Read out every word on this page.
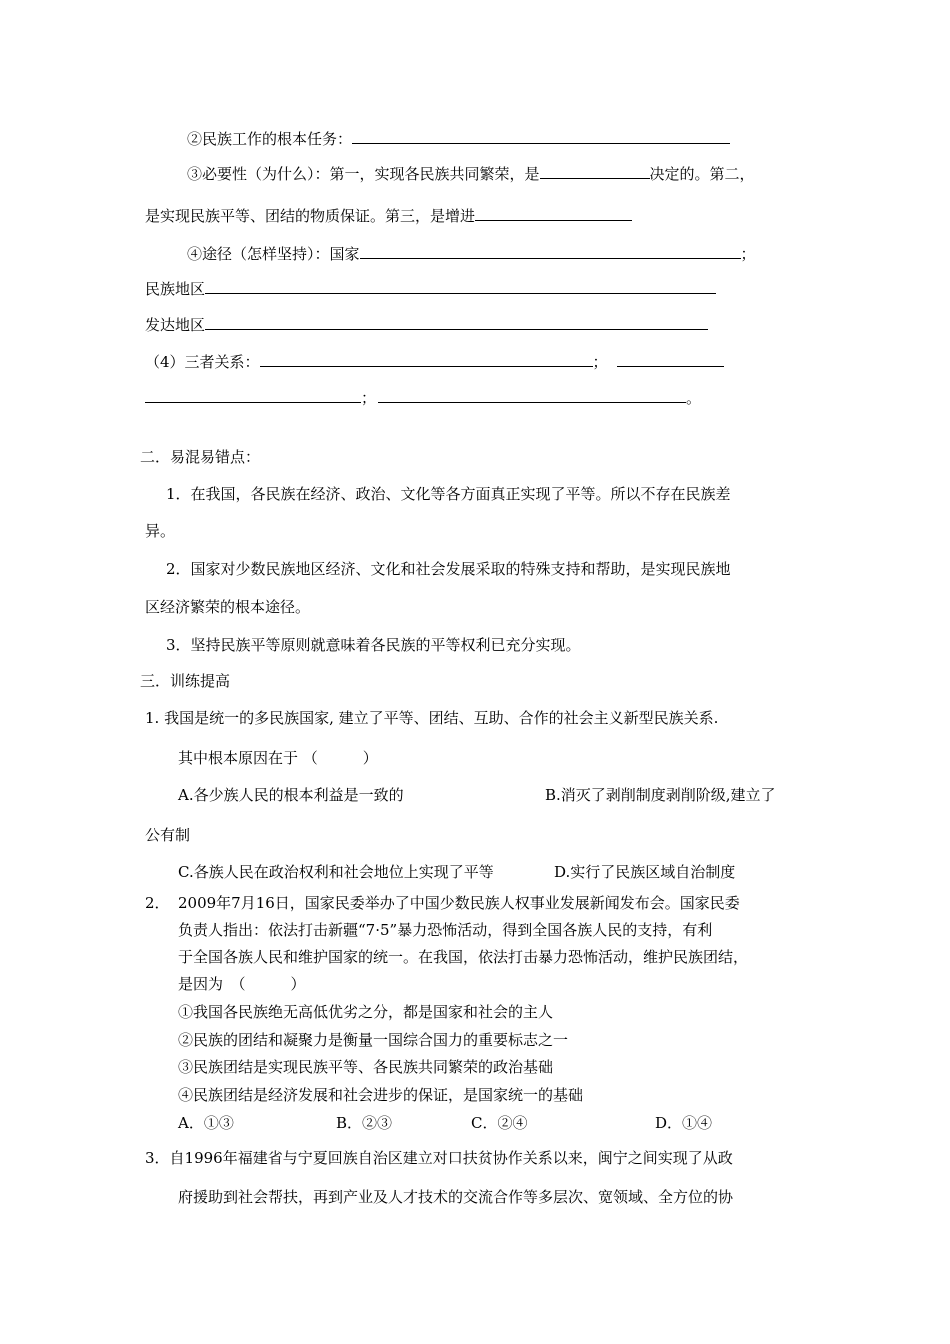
②民族工作的根本任务：
③必要性（为什么）：第一，实现各民族共同繁荣，是	决定的。第二，
是实现民族平等、团结的物质保证。第三，是增进
④途径（怎样坚持）：国家	；
民族地区
发达地区
（4）三者关系：	；
；	。
二．易混易错点：
1．在我国，各民族在经济、政治、文化等各方面真正实现了平等。所以不存在民族差
异。
2．国家对少数民族地区经济、文化和社会发展采取的特殊支持和帮助，是实现民族地
区经济繁荣的根本途径。
3．坚持民族平等原则就意味着各民族的平等权利已充分实现。
三．训练提高
1. 我国是统一的多民族国家, 建立了平等、团结、互助、合作的社会主义新型民族关系.
其中根本原因在于 （　　　）
A.各少族人民的根本利益是一致的	B.消灭了剥削制度剥削阶级,建立了
公有制
C.各族人民在政治权利和社会地位上实现了平等	D.实行了民族区域自治制度
2． 2009年7月16日，国家民委举办了中国少数民族人权事业发展新闻发布会。国家民委
负责人指出：依法打击新疆“7·5”暴力恐怖活动，得到全国各族人民的支持，有利
于全国各族人民和维护国家的统一。在我国，依法打击暴力恐怖活动，维护民族团结，
是因为　（　　　）
①我国各民族绝无高低优劣之分，都是国家和社会的主人
②民族的团结和凝聚力是衡量一国综合国力的重要标志之一
③民族团结是实现民族平等、各民族共同繁荣的政治基础
④民族团结是经济发展和社会进步的保证，是国家统一的基础
A．①③	B．②③	C．②④	D．①④
3．自1996年福建省与宁夏回族自治区建立对口扶贫协作关系以来，闽宁之间实现了从政
府援助到社会帮扶，再到产业及人才技术的交流合作等多层次、宽领域、全方位的协
